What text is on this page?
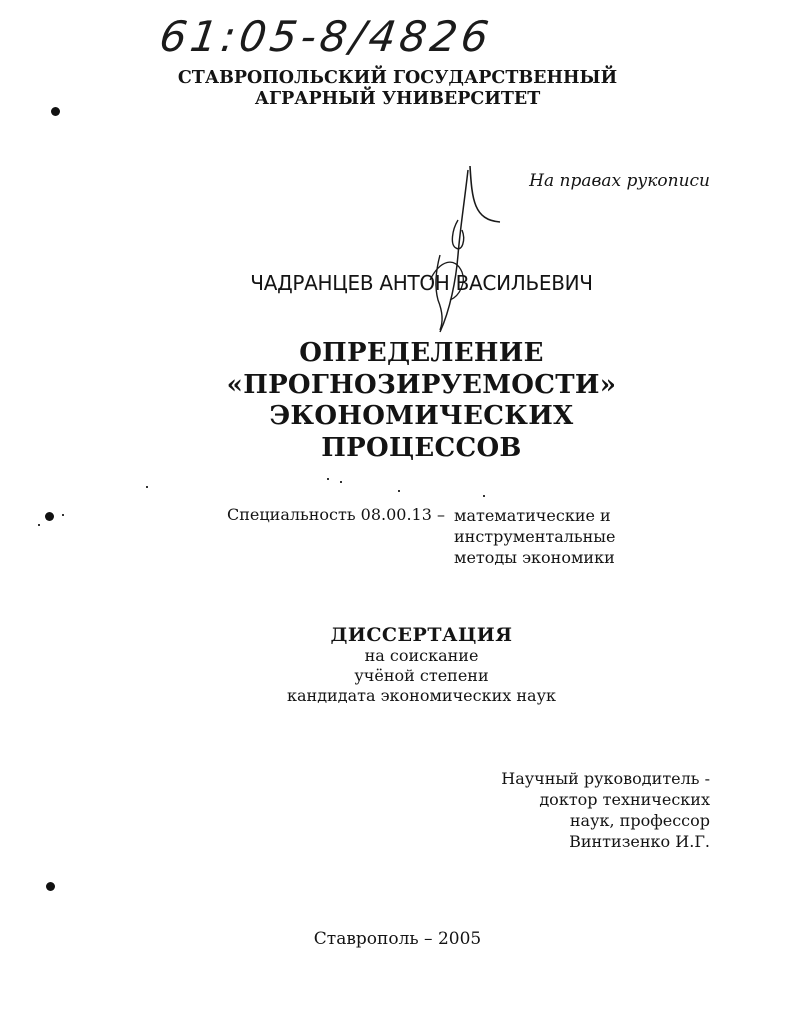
61:05-8/4826
СТАВРОПОЛЬСКИЙ ГОСУДАРСТВЕННЫЙ
АГРАРНЫЙ УНИВЕРСИТЕТ
На правах рукописи
ЧАДРАНЦЕВ АНТОН ВАСИЛЬЕВИЧ
ОПРЕДЕЛЕНИЕ
«ПРОГНОЗИРУЕМОСТИ»
ЭКОНОМИЧЕСКИХ
ПРОЦЕССОВ
Специальность 08.00.13 – математические и
инструментальные
методы экономики
ДИССЕРТАЦИЯ
на соискание
учёной степени
кандидата экономических наук
Научный руководитель -
доктор технических
наук, профессор
Винтизенко И.Г.
Ставрополь – 2005
